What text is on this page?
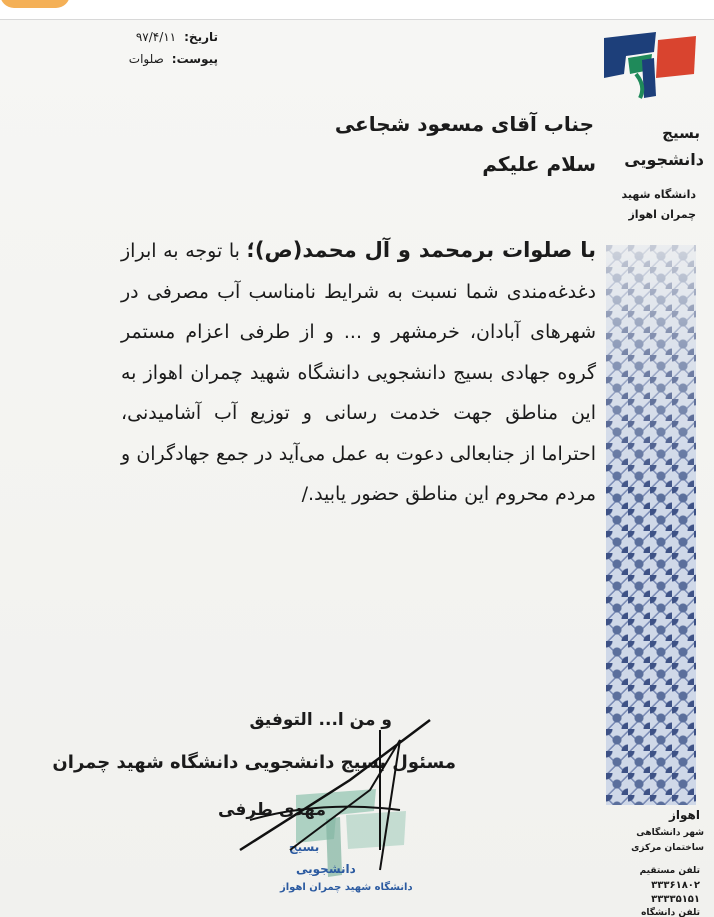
تاریخ:
۹۷/۴/۱۱
پیوست:
صلوات
بسیج
دانشجویی
دانشگاه شهید
چمران اهواز
اهواز
شهر دانشگاهی
ساختمان مرکزی
تلفن مستقیم
۳۳۳۶۱۸۰۲
۳۳۳۳۵۱۵۱
تلفن دانشگاه
جناب آقای مسعود شجاعی
سلام علیکم
با صلوات برمحمد و آل محمد(ص)؛ با توجه به ابراز دغدغه‌مندی شما نسبت به شرایط نامناسب آب مصرفی در شهرهای آبادان، خرمشهر و ... و از طرفی اعزام مستمر گروه جهادی بسیج دانشجویی دانشگاه شهید چمران اهواز به این مناطق جهت خدمت رسانی و توزیع آب آشامیدنی، احتراما از جنابعالی دعوت به عمل می‌آید در جمع جهادگران و مردم محروم این مناطق حضور یابید./
بسیج
دانشجویی
دانشگاه شهید چمران اهواز
و من ا... التوفیق
مسئول بسیج دانشجویی دانشگاه شهید چمران
مهدی طرفی
